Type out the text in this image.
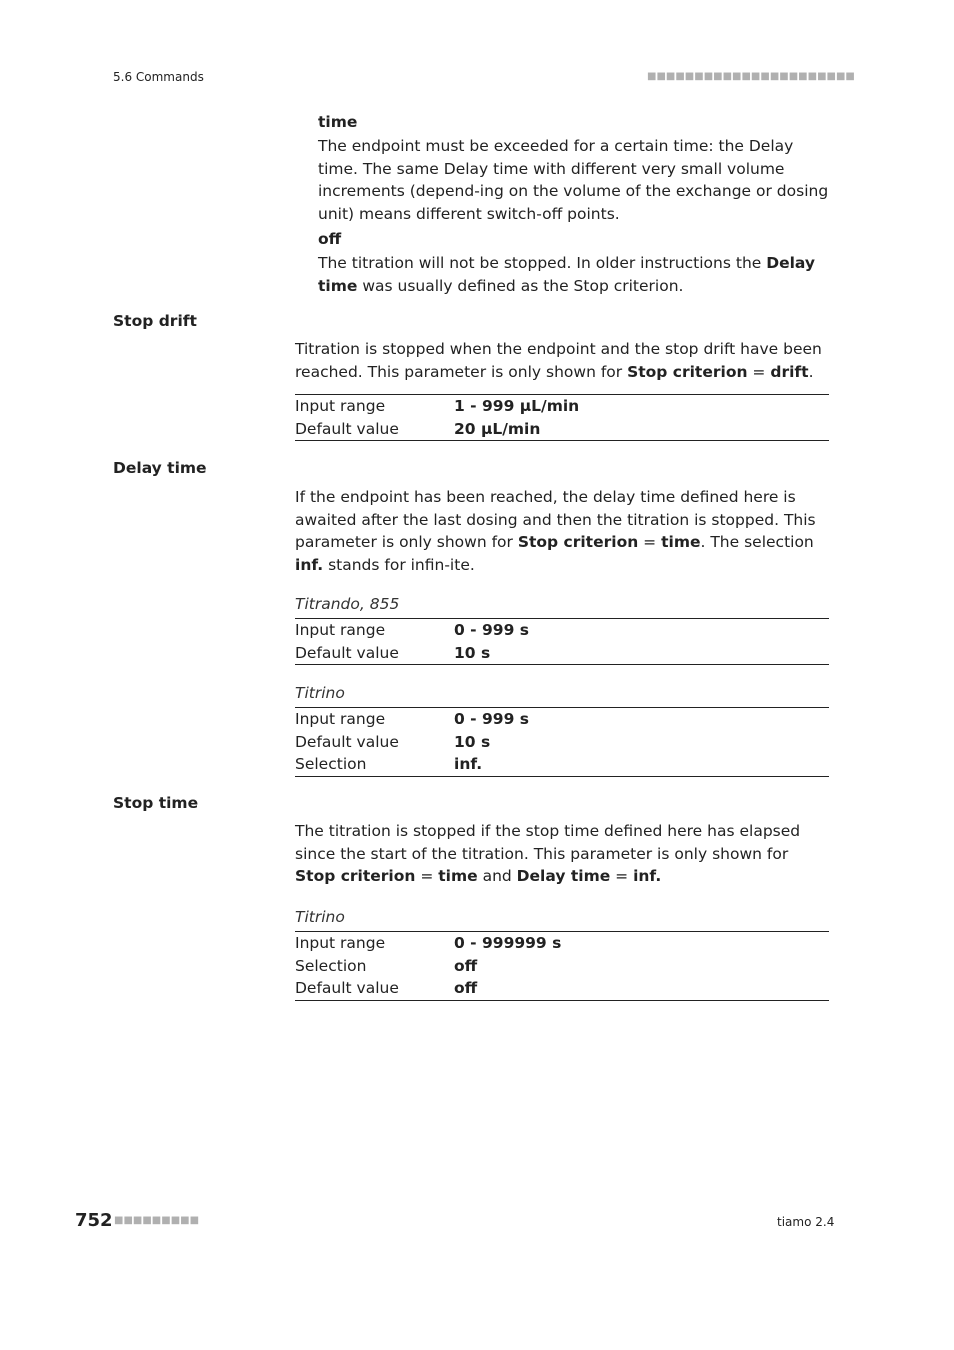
5.6 Commands	■■■■■■■■■■■■■■■■■■■■■■
time

The endpoint must be exceeded for a certain time: the Delay time. The same Delay time with different very small volume increments (depend-ing on the volume of the exchange or dosing unit) means different switch-off points.

off

The titration will not be stopped. In older instructions the Delay time was usually defined as the Stop criterion.

Stop drift

Titration is stopped when the endpoint and the stop drift have been reached. This parameter is only shown for Stop criterion = drift.

Input range	1 - 999 µL/min
Default value	20 µL/min
Delay time

If the endpoint has been reached, the delay time defined here is awaited after the last dosing and then the titration is stopped. This parameter is only shown for Stop criterion = time. The selection inf. stands for infin-ite.

Titrando, 855
Input range	0 - 999 s
Default value	10 s
Titrino
Input range	0 - 999 s
Default value	10 s
Selection	inf.
Stop time

The titration is stopped if the stop time defined here has elapsed since the start of the titration. This parameter is only shown for Stop criterion = time and Delay time = inf.

Titrino
Input range	0 - 999999 s
Selection	off
Default value	off
752 ■■■■■■■■■	tiamo 2.4
